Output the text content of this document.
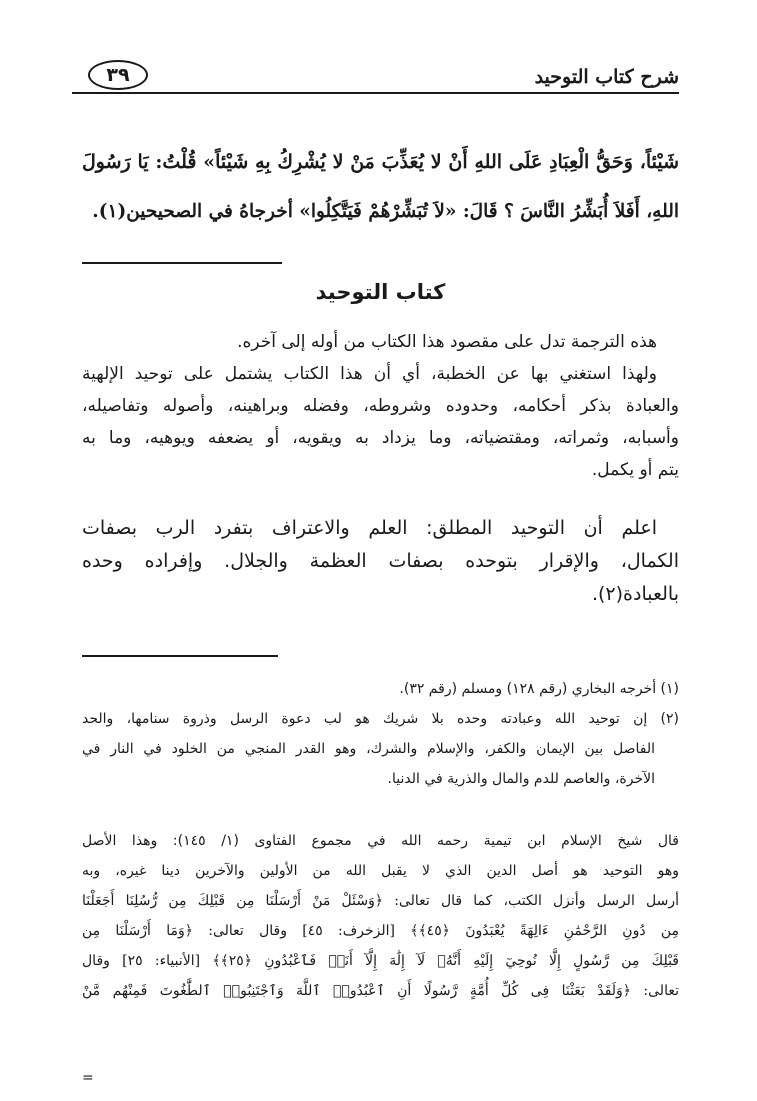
شرح كتاب التوحيد
٣٩
شَيْئاً، وَحَقُّ الْعِبَادِ عَلَى اللهِ أَنْ لا يُعَذِّبَ مَنْ لا يُشْرِكُ بِهِ شَيْئاً» قُلْتُ: يَا رَسُولَ
اللهِ، أَفَلاَ أُبَشِّرُ النَّاسَ ؟ قَالَ: «لاَ تُبَشِّرْهُمْ فَيَتَّكِلُوا» أخرجاهُ في الصحيحين(١).
كتاب التوحيد
هذه الترجمة تدل على مقصود هذا الكتاب من أوله إلى آخره.
ولهذا استغني بها عن الخطبة، أي أن هذا الكتاب يشتمل على توحيد الإلهية
والعبادة بذكر أحكامه، وحدوده وشروطه، وفضله وبراهينه، وأصوله وتفاصيله،
وأسبابه، وثمراته، ومقتضياته، وما يزداد به ويقويه، أو يضعفه ويوهيه، وما به
يتم أو يكمل.
اعلم أن التوحيد المطلق: العلم والاعتراف بتفرد الرب بصفات
الكمال، والإقرار بتوحده بصفات العظمة والجلال. وإفراده وحده
بالعبادة(٢).
(١) أخرجه البخاري (رقم ١٢٨) ومسلم (رقم ٣٢).
(٢) إن توحيد الله وعبادته وحده بلا شريك هو لب دعوة الرسل وذروة سنامها، والحد
الفاصل بين الإيمان والكفر، والإسلام والشرك، وهو القدر المنجي من الخلود في النار في
الآخرة، والعاصم للدم والمال والذرية في الدنيا.
قال شيخ الإسلام ابن تيمية رحمه الله في مجموع الفتاوى (١/ ١٤٥): وهذا الأصل
وهو التوحيد هو أصل الدين الذي لا يقبل الله من الأولين والآخرين دينا غيره، وبه
أرسل الرسل وأنزل الكتب، كما قال تعالى: ﴿وَسْئَلْ مَنْ أَرْسَلْنَا مِن قَبْلِكَ مِن رُّسُلِنَا أَجَعَلْنَا
مِن دُونِ الرَّحْمَٰنِ ءَالِهَةً يُعْبَدُونَ ﴿٤٥﴾﴾ [الزخرف: ٤٥] وقال تعالى: ﴿وَمَا أَرْسَلْنَا مِن
قَبْلِكَ مِن رَّسُولٍ إِلَّا نُوحِيٓ إِلَيْهِ أَنَّهُۥ لَآ إِلَٰهَ إِلَّآ أَنَا۠ فَٱعْبُدُونِ ﴿٢٥﴾﴾ [الأنبياء: ٢٥] وقال
تعالى: ﴿وَلَقَدْ بَعَثْنَا فِى كُلِّ أُمَّةٍ رَّسُولًا أَنِ ٱعْبُدُوا۟ ٱللَّهَ وَٱجْتَنِبُوا۟ ٱلطَّٰغُوتَ فَمِنْهُم مَّنْ
=
